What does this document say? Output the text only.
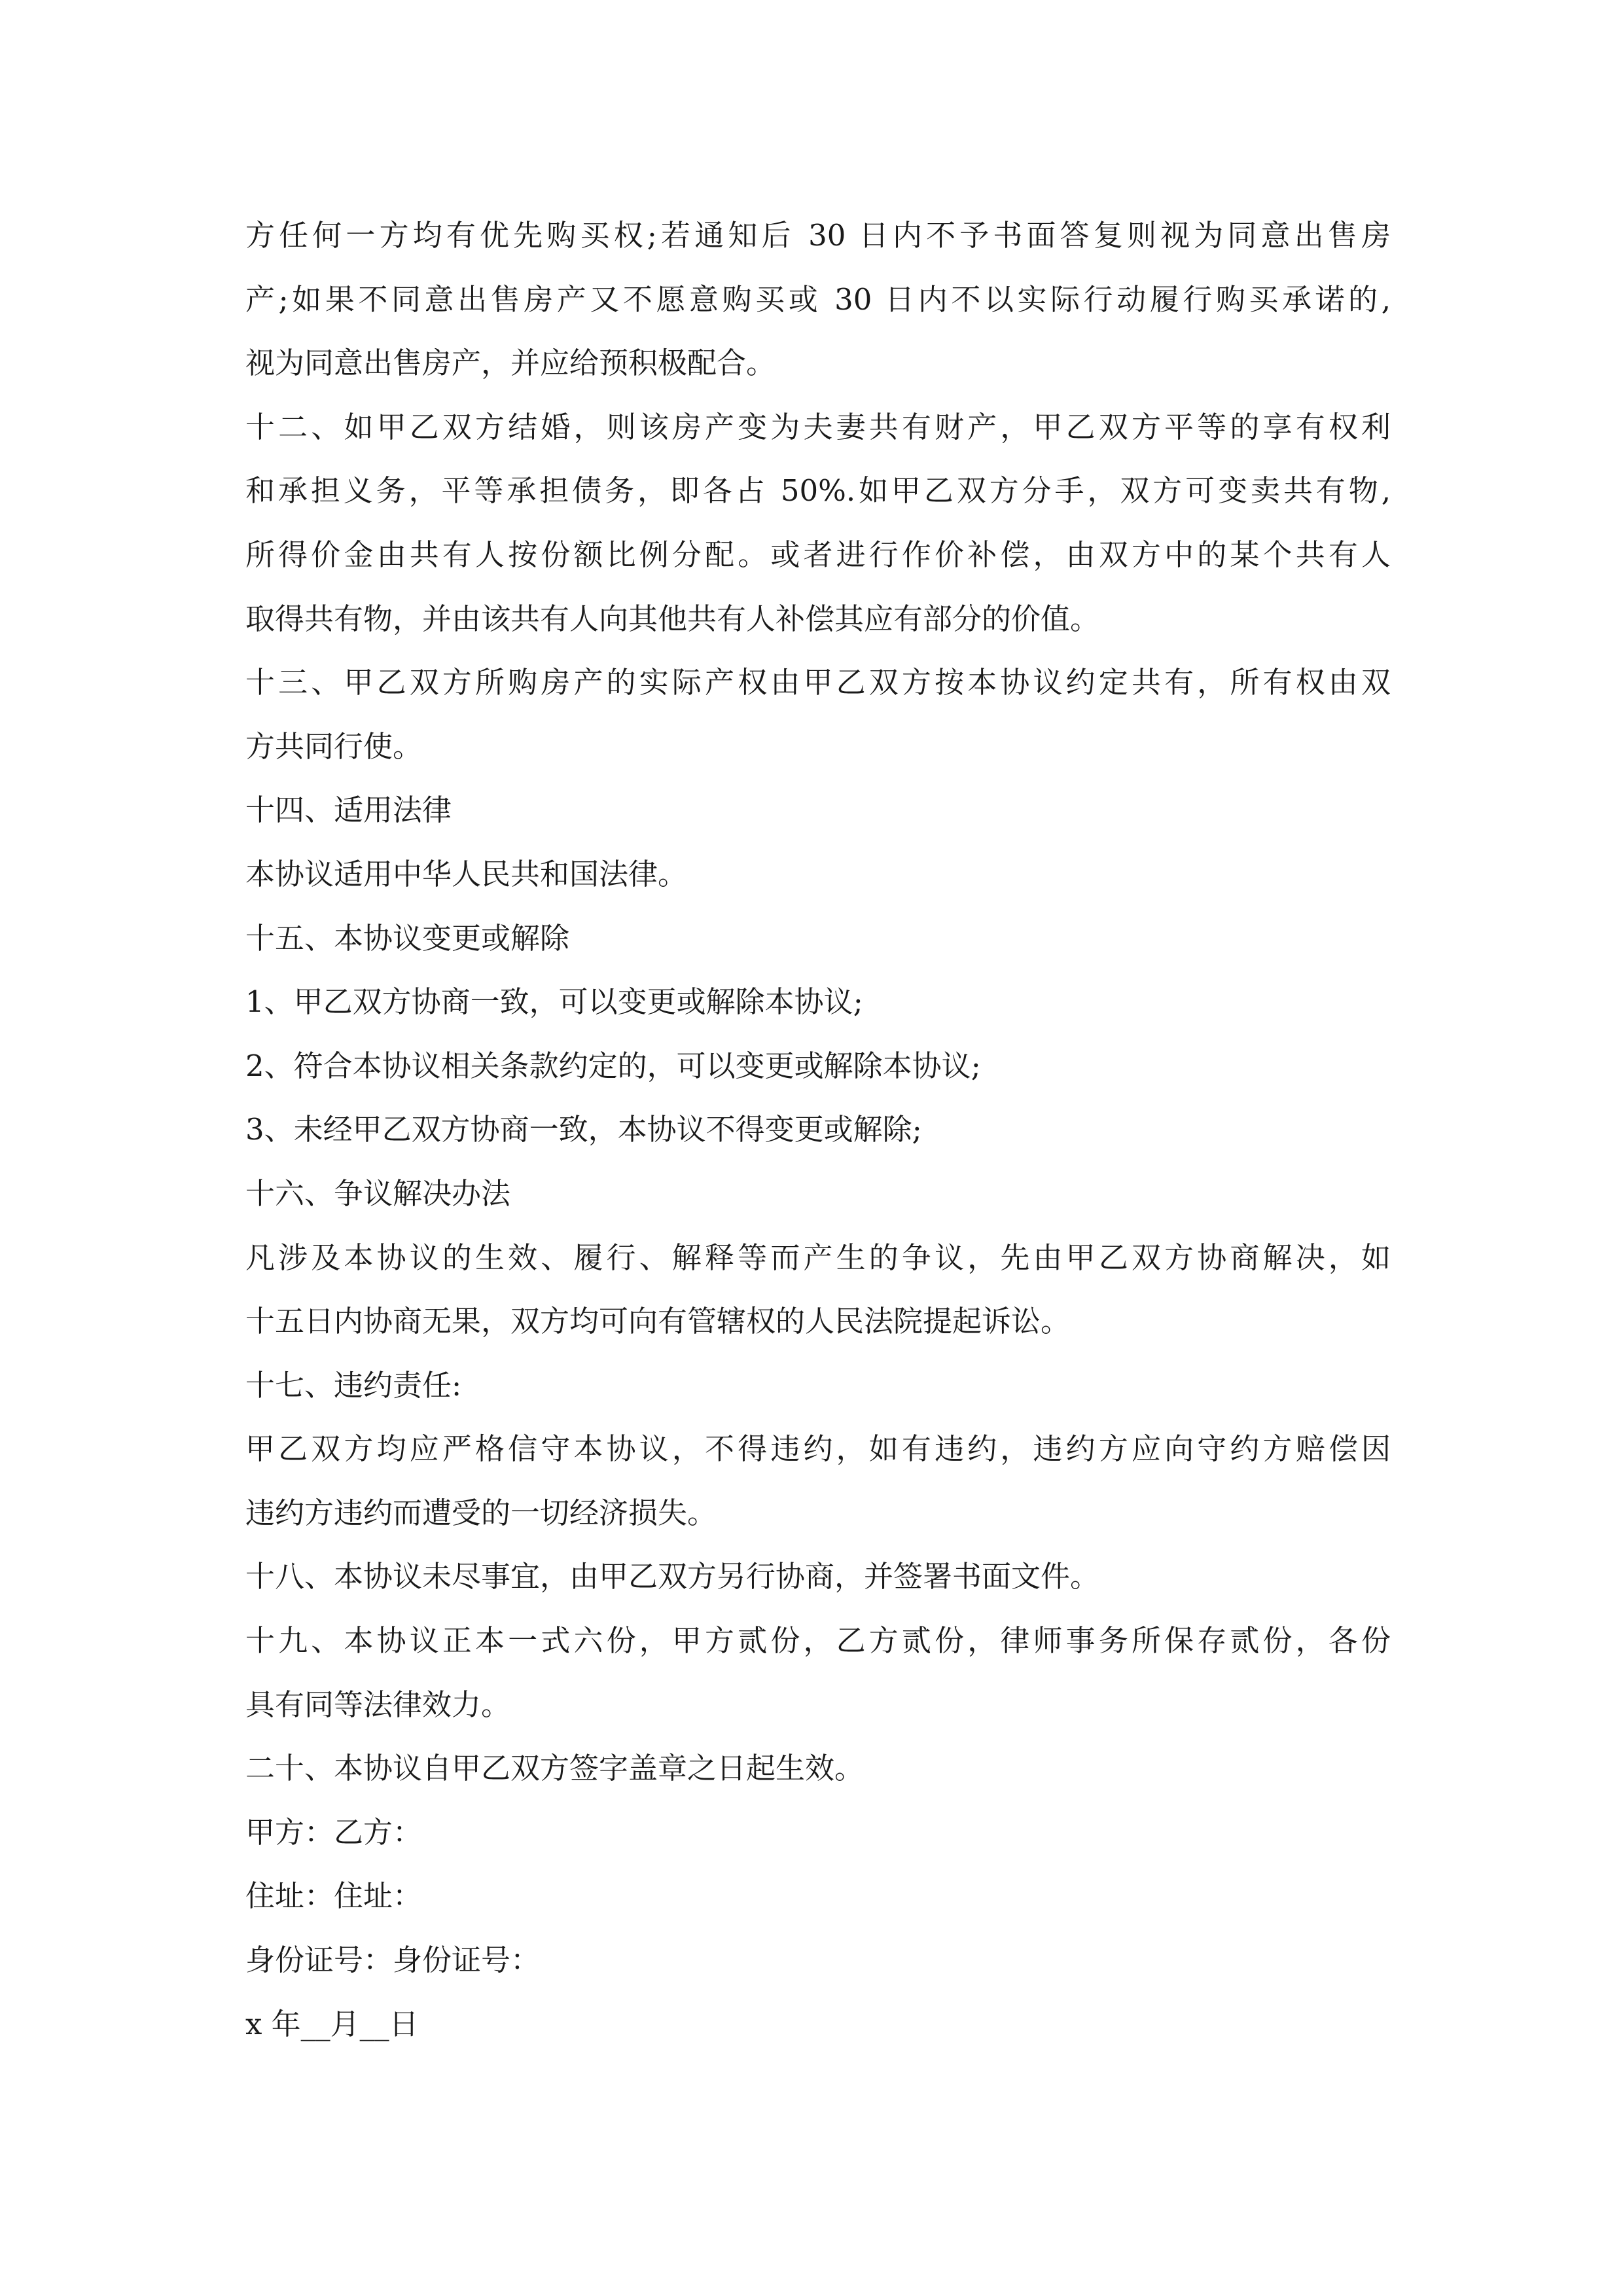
方任何一方均有优先购买权;若通知后 30 日内不予书面答复则视为同意出售房
产;如果不同意出售房产又不愿意购买或 30 日内不以实际行动履行购买承诺的,
视为同意出售房产，并应给预积极配合。
十二、如甲乙双方结婚，则该房产变为夫妻共有财产，甲乙双方平等的享有权利
和承担义务，平等承担债务，即各占 50%.如甲乙双方分手，双方可变卖共有物,
所得价金由共有人按份额比例分配。或者进行作价补偿，由双方中的某个共有人
取得共有物，并由该共有人向其他共有人补偿其应有部分的价值。
十三、甲乙双方所购房产的实际产权由甲乙双方按本协议约定共有，所有权由双
方共同行使。
十四、适用法律
本协议适用中华人民共和国法律。
十五、本协议变更或解除
1、甲乙双方协商一致，可以变更或解除本协议;
2、符合本协议相关条款约定的，可以变更或解除本协议;
3、未经甲乙双方协商一致，本协议不得变更或解除;
十六、争议解决办法
凡涉及本协议的生效、履行、解释等而产生的争议，先由甲乙双方协商解决，如
十五日内协商无果，双方均可向有管辖权的人民法院提起诉讼。
十七、违约责任:
甲乙双方均应严格信守本协议，不得违约，如有违约，违约方应向守约方赔偿因
违约方违约而遭受的一切经济损失。
十八、本协议未尽事宜，由甲乙双方另行协商，并签署书面文件。
十九、本协议正本一式六份，甲方贰份，乙方贰份，律师事务所保存贰份，各份
具有同等法律效力。
二十、本协议自甲乙双方签字盖章之日起生效。
甲方：乙方：
住址：住址：
身份证号：身份证号：
x 年__月__日
